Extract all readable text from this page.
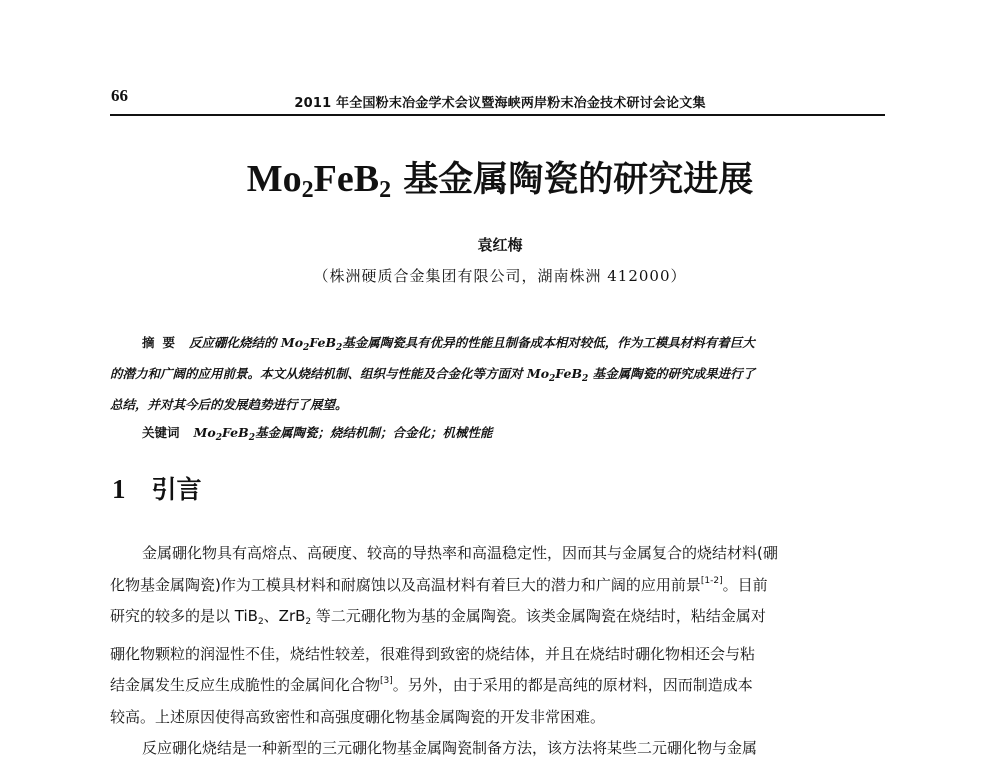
66	2011 年全国粉末冶金学术会议暨海峡两岸粉末冶金技术研讨会论文集
$Mo_2FeB_2$ 基金属陶瓷的研究进展
袁红梅
（株洲硬质合金集团有限公司，湖南株洲 412000）
摘要 反应硼化烧结的 $Mo_2FeB_2$基金属陶瓷具有优异的性能且制备成本相对较低，作为工模具材料有着巨大
的潜力和广阔的应用前景。本文从烧结机制、组织与性能及合金化等方面对 $Mo_2FeB_2$ 基金属陶瓷的研究成果进行了
总结，并对其今后的发展趋势进行了展望。
关键词 $Mo_2FeB_2$基金属陶瓷；烧结机制；合金化；机械性能
1 引言
金属硼化物具有高熔点、高硬度、较高的导热率和高温稳定性，因而其与金属复合的烧结材料(硼
化物基金属陶瓷)作为工模具材料和耐腐蚀以及高温材料有着巨大的潜力和广阔的应用前景[1-2]。目前
研究的较多的是以 TiB$_2$、ZrB$_2$ 等二元硼化物为基的金属陶瓷。该类金属陶瓷在烧结时，粘结金属对
硼化物颗粒的润湿性不佳，烧结性较差，很难得到致密的烧结体，并且在烧结时硼化物相还会与粘
结金属发生反应生成脆性的金属间化合物[3]。另外，由于采用的都是高纯的原材料，因而制造成本
较高。上述原因使得高致密性和高强度硼化物基金属陶瓷的开发非常困难。
反应硼化烧结是一种新型的三元硼化物基金属陶瓷制备方法，该方法将某些二元硼化物与金属
